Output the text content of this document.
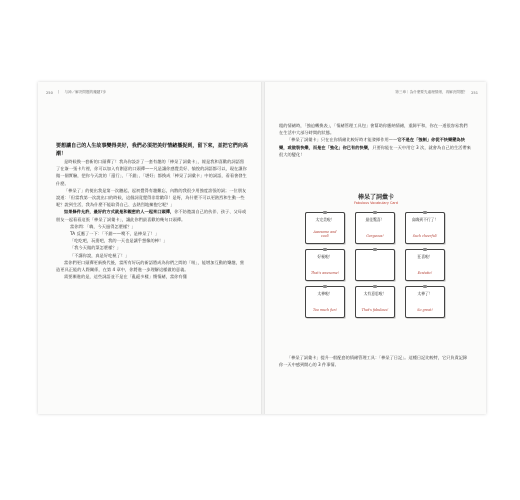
250 丨 与神／解决問題的魔鍵7步

要想讓自己的人生故事變得美好，我們必須把美好情緒播捉到，留下來，並把它們向高潮！

是時候換一套新的口頭禪了！我為你設計了一套有趣的「棒呆了詞彙卡」，報是我和喜歡的詞語寫了在簽一張卡片裡，你可以加入有創意的口頭禪——凡是讓你感覺美好、愉悅的詞語都可以，現在讓你做一個實驗，把你今天說的「還行」、「不錯」、「堪好」都換成「棒呆了詞彙卡」中的詞語，看看會發生什麼。

「棒呆了」的使出我是第一次聽起，起初覺得有趣難忘，內散的我很少用強度誇張的詞；一位朋友說道：「但當我第一次說出口的時候，這個詞竟覺得非常戳印！是呀，為什麼不可以更熱烈和生動一些呢？說到生活，我為什麼不能取得自己、去熱烈地擁抱它呢？」

如果條件允許，最好的方式就是和親密的人一起來口頭禪，你不妨邀請自己的伙伴、孩子、父母或朋友一起看看這張「棒呆了詞彙卡」，讓此你們最喜歡的幾句口頭禪。

當你問：「嗨，今天過得怎麼樣？」

TA 反應了一下：「不錯——噢不，是棒呆了！」

「吃吃吧，玩耍吧，我的一天也是讓乎想像的棒！」

「我今天做的菜怎麼樣？」

「不講你說，真是好吃極了！」

當你們更口頭禪更新換代後，當所有好玩的新語將成為你們之間的「哏」，能增加互動的樂趣，營造更具正能的人際關係，在第 4 章中，你將進一步理解這樣做的意義。

需要漸進的是，這些詞語並不是在「亂絕多樣」懷情緒，當你有懂

第三章｜為什麼要先處理情緒，再解決問題？ 251

粗的情緒時，「強迫轉換表」，「情緒管理工具包」會幫助你應納情緒，重歸平和，你在一道很容易我們在生活中大部分時間的狀態。

「棒呆了詞彙卡」只在在你情緒比較好時才能發揮作用——它不是在「強制」你從不快樂變為快樂，或做裝快樂，而是在「強化」你已有的快樂，只要你能在一天中用它 3 次，就會為自己的生活帶來很大的變化！

棒呆了詞彙卡
Fabulous Vocabulary Card
太完美啦！
Awesome and cool!
最佳驚喜！
Gorgeous!
高嗨到不行了！
Such cheerful!
好極啦！
That's awesome!
狂喜啦！
Ecstatic!
太棒啦！
Too much fun!
太有意思啦！
That's fabulous!
太棒了！
So great!

「棒呆了詞彙卡」提升一般配套的情緒管理工具：「棒呆了日記」。這種日記比較特，它只負責記錄你一天中感到開心的 3 件事情。
